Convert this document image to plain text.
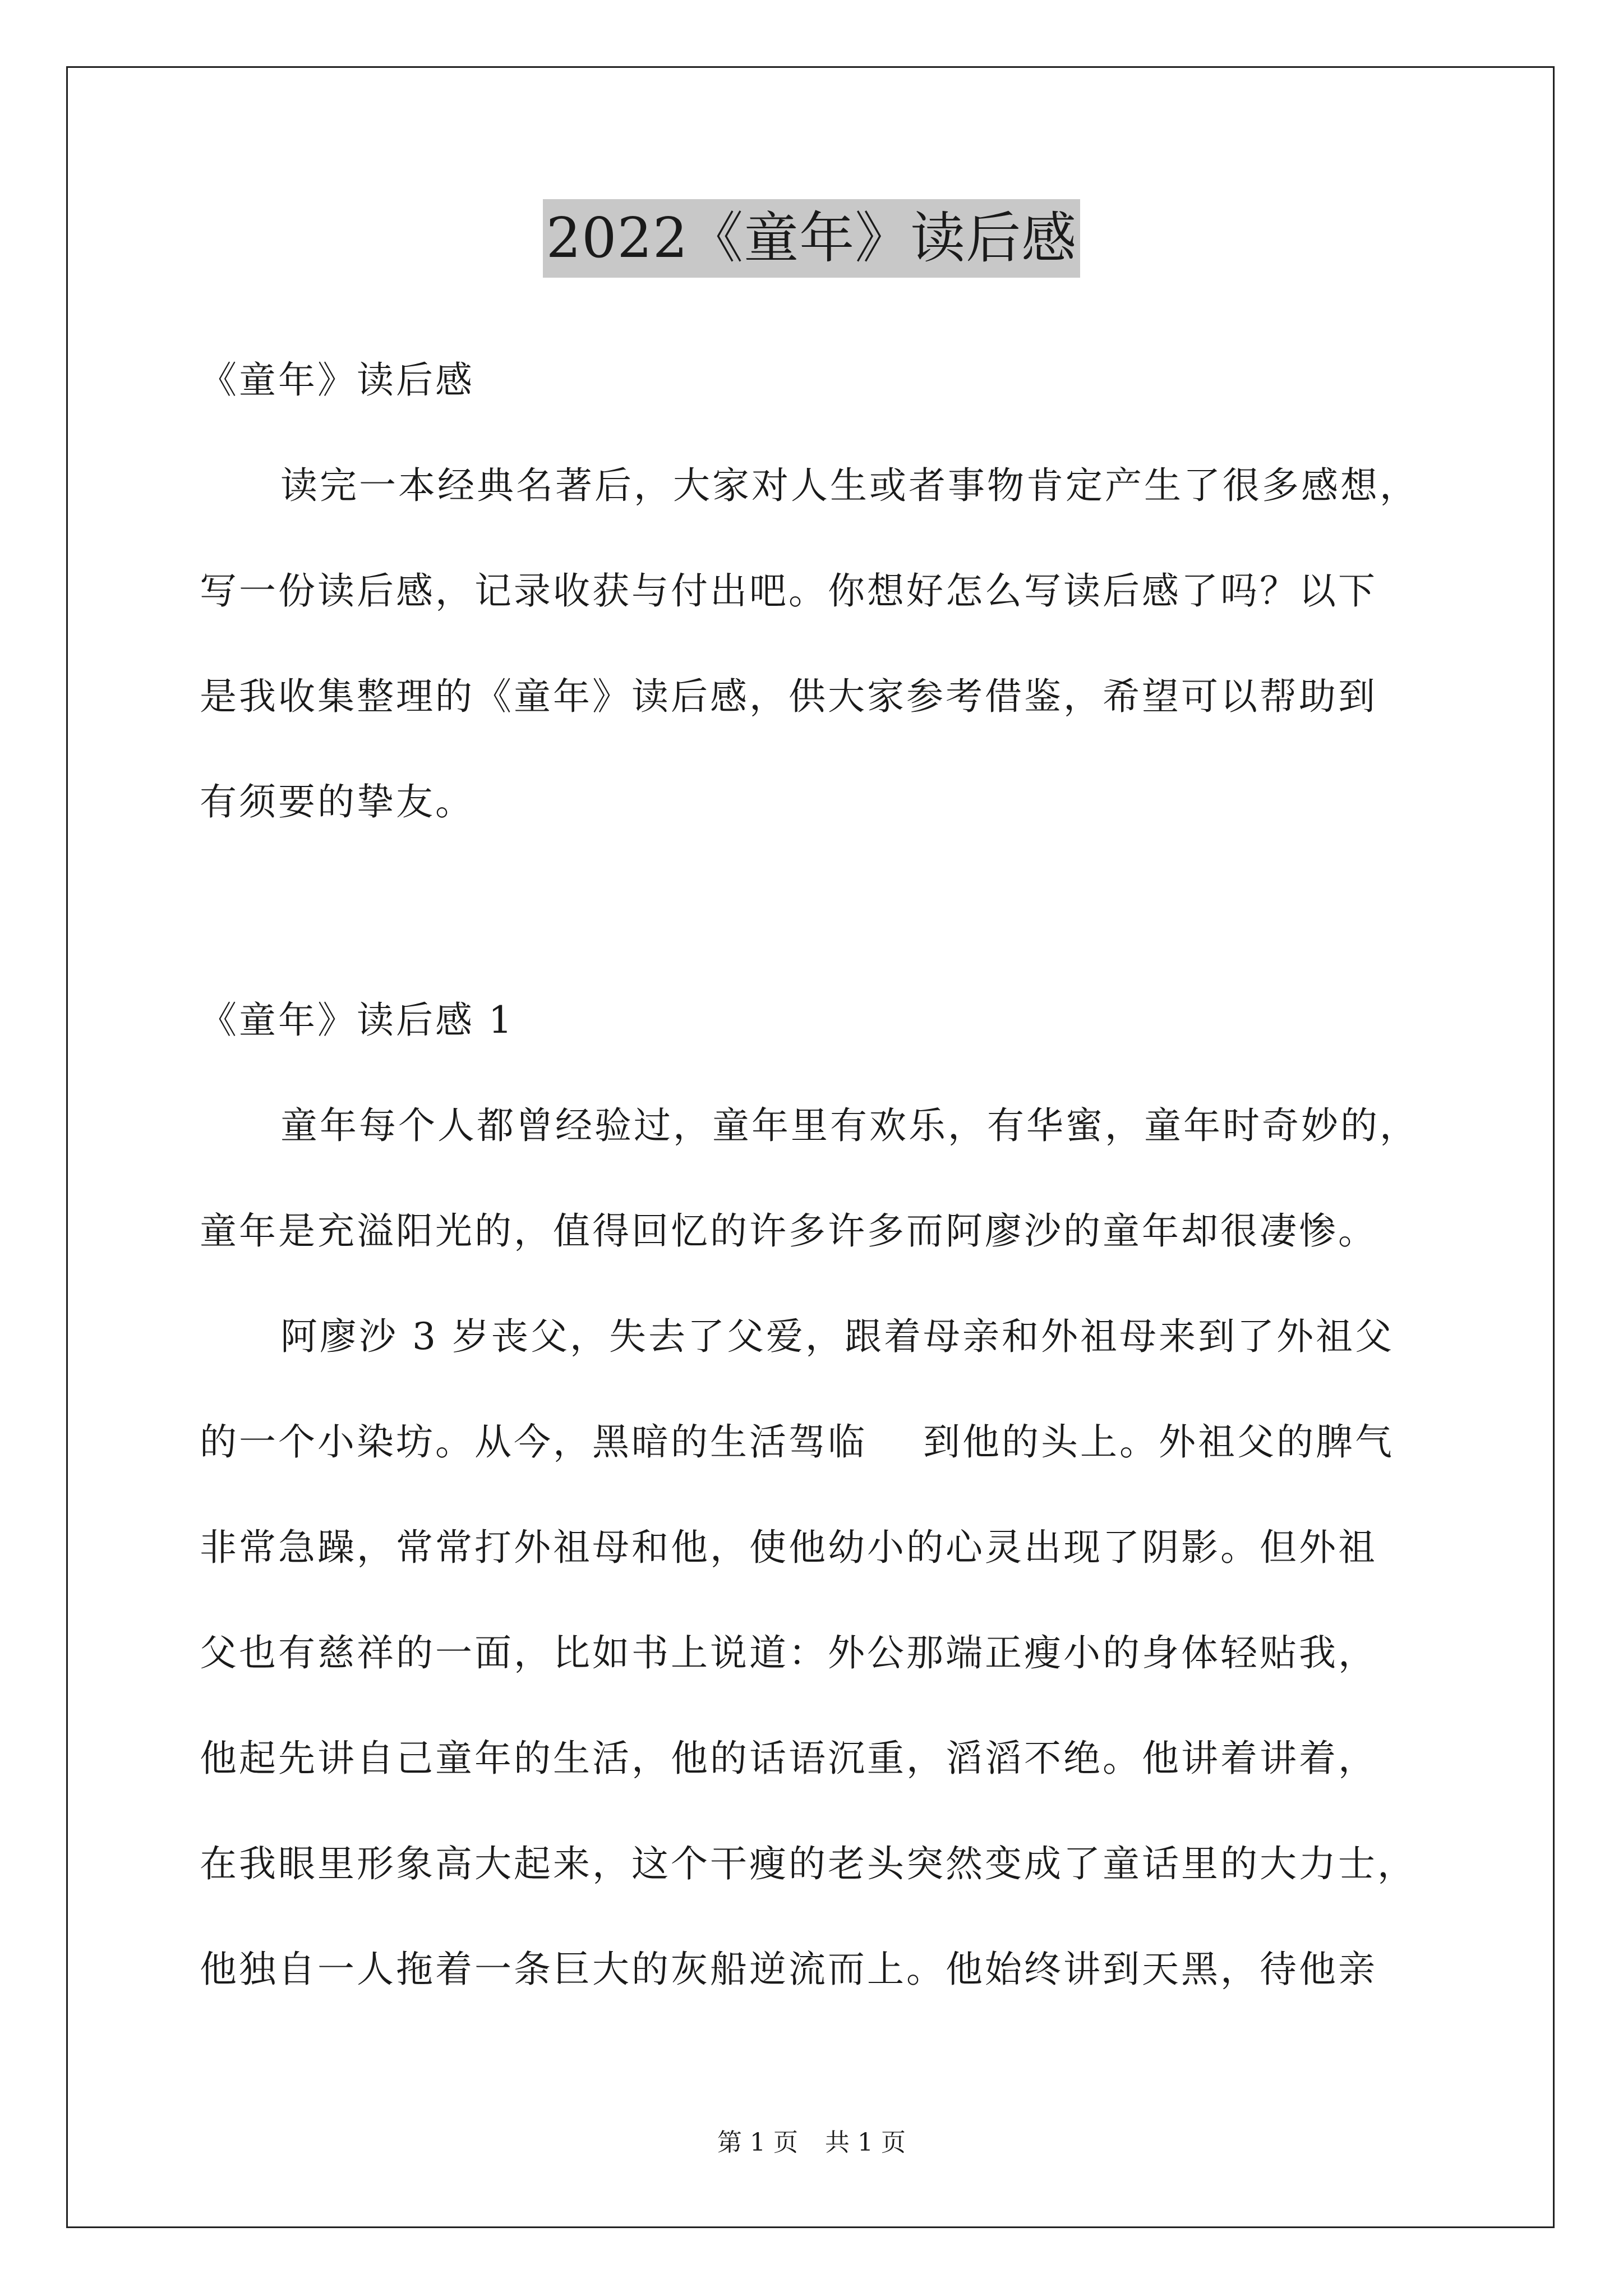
2022《童年》读后感
《童年》读后感
读完一本经典名著后，大家对人生或者事物肯定产生了很多感想，
写一份读后感，记录收获与付出吧。你想好怎么写读后感了吗？以下
是我收集整理的《童年》读后感，供大家参考借鉴，希望可以帮助到
有须要的挚友。
《童年》读后感 1
童年每个人都曾经验过，童年里有欢乐，有华蜜，童年时奇妙的，
童年是充溢阳光的，值得回忆的许多许多而阿廖沙的童年却很凄惨。
阿廖沙 3 岁丧父，失去了父爱，跟着母亲和外祖母来到了外祖父
的一个小染坊。从今，黑暗的生活驾临 到他的头上。外祖父的脾气
非常急躁，常常打外祖母和他，使他幼小的心灵出现了阴影。但外祖
父也有慈祥的一面，比如书上说道：外公那端正瘦小的身体轻贴我，
他起先讲自己童年的生活，他的话语沉重，滔滔不绝。他讲着讲着，
在我眼里形象高大起来，这个干瘦的老头突然变成了童话里的大力士，
他独自一人拖着一条巨大的灰船逆流而上。他始终讲到天黑，待他亲
第 1 页 共 1 页
